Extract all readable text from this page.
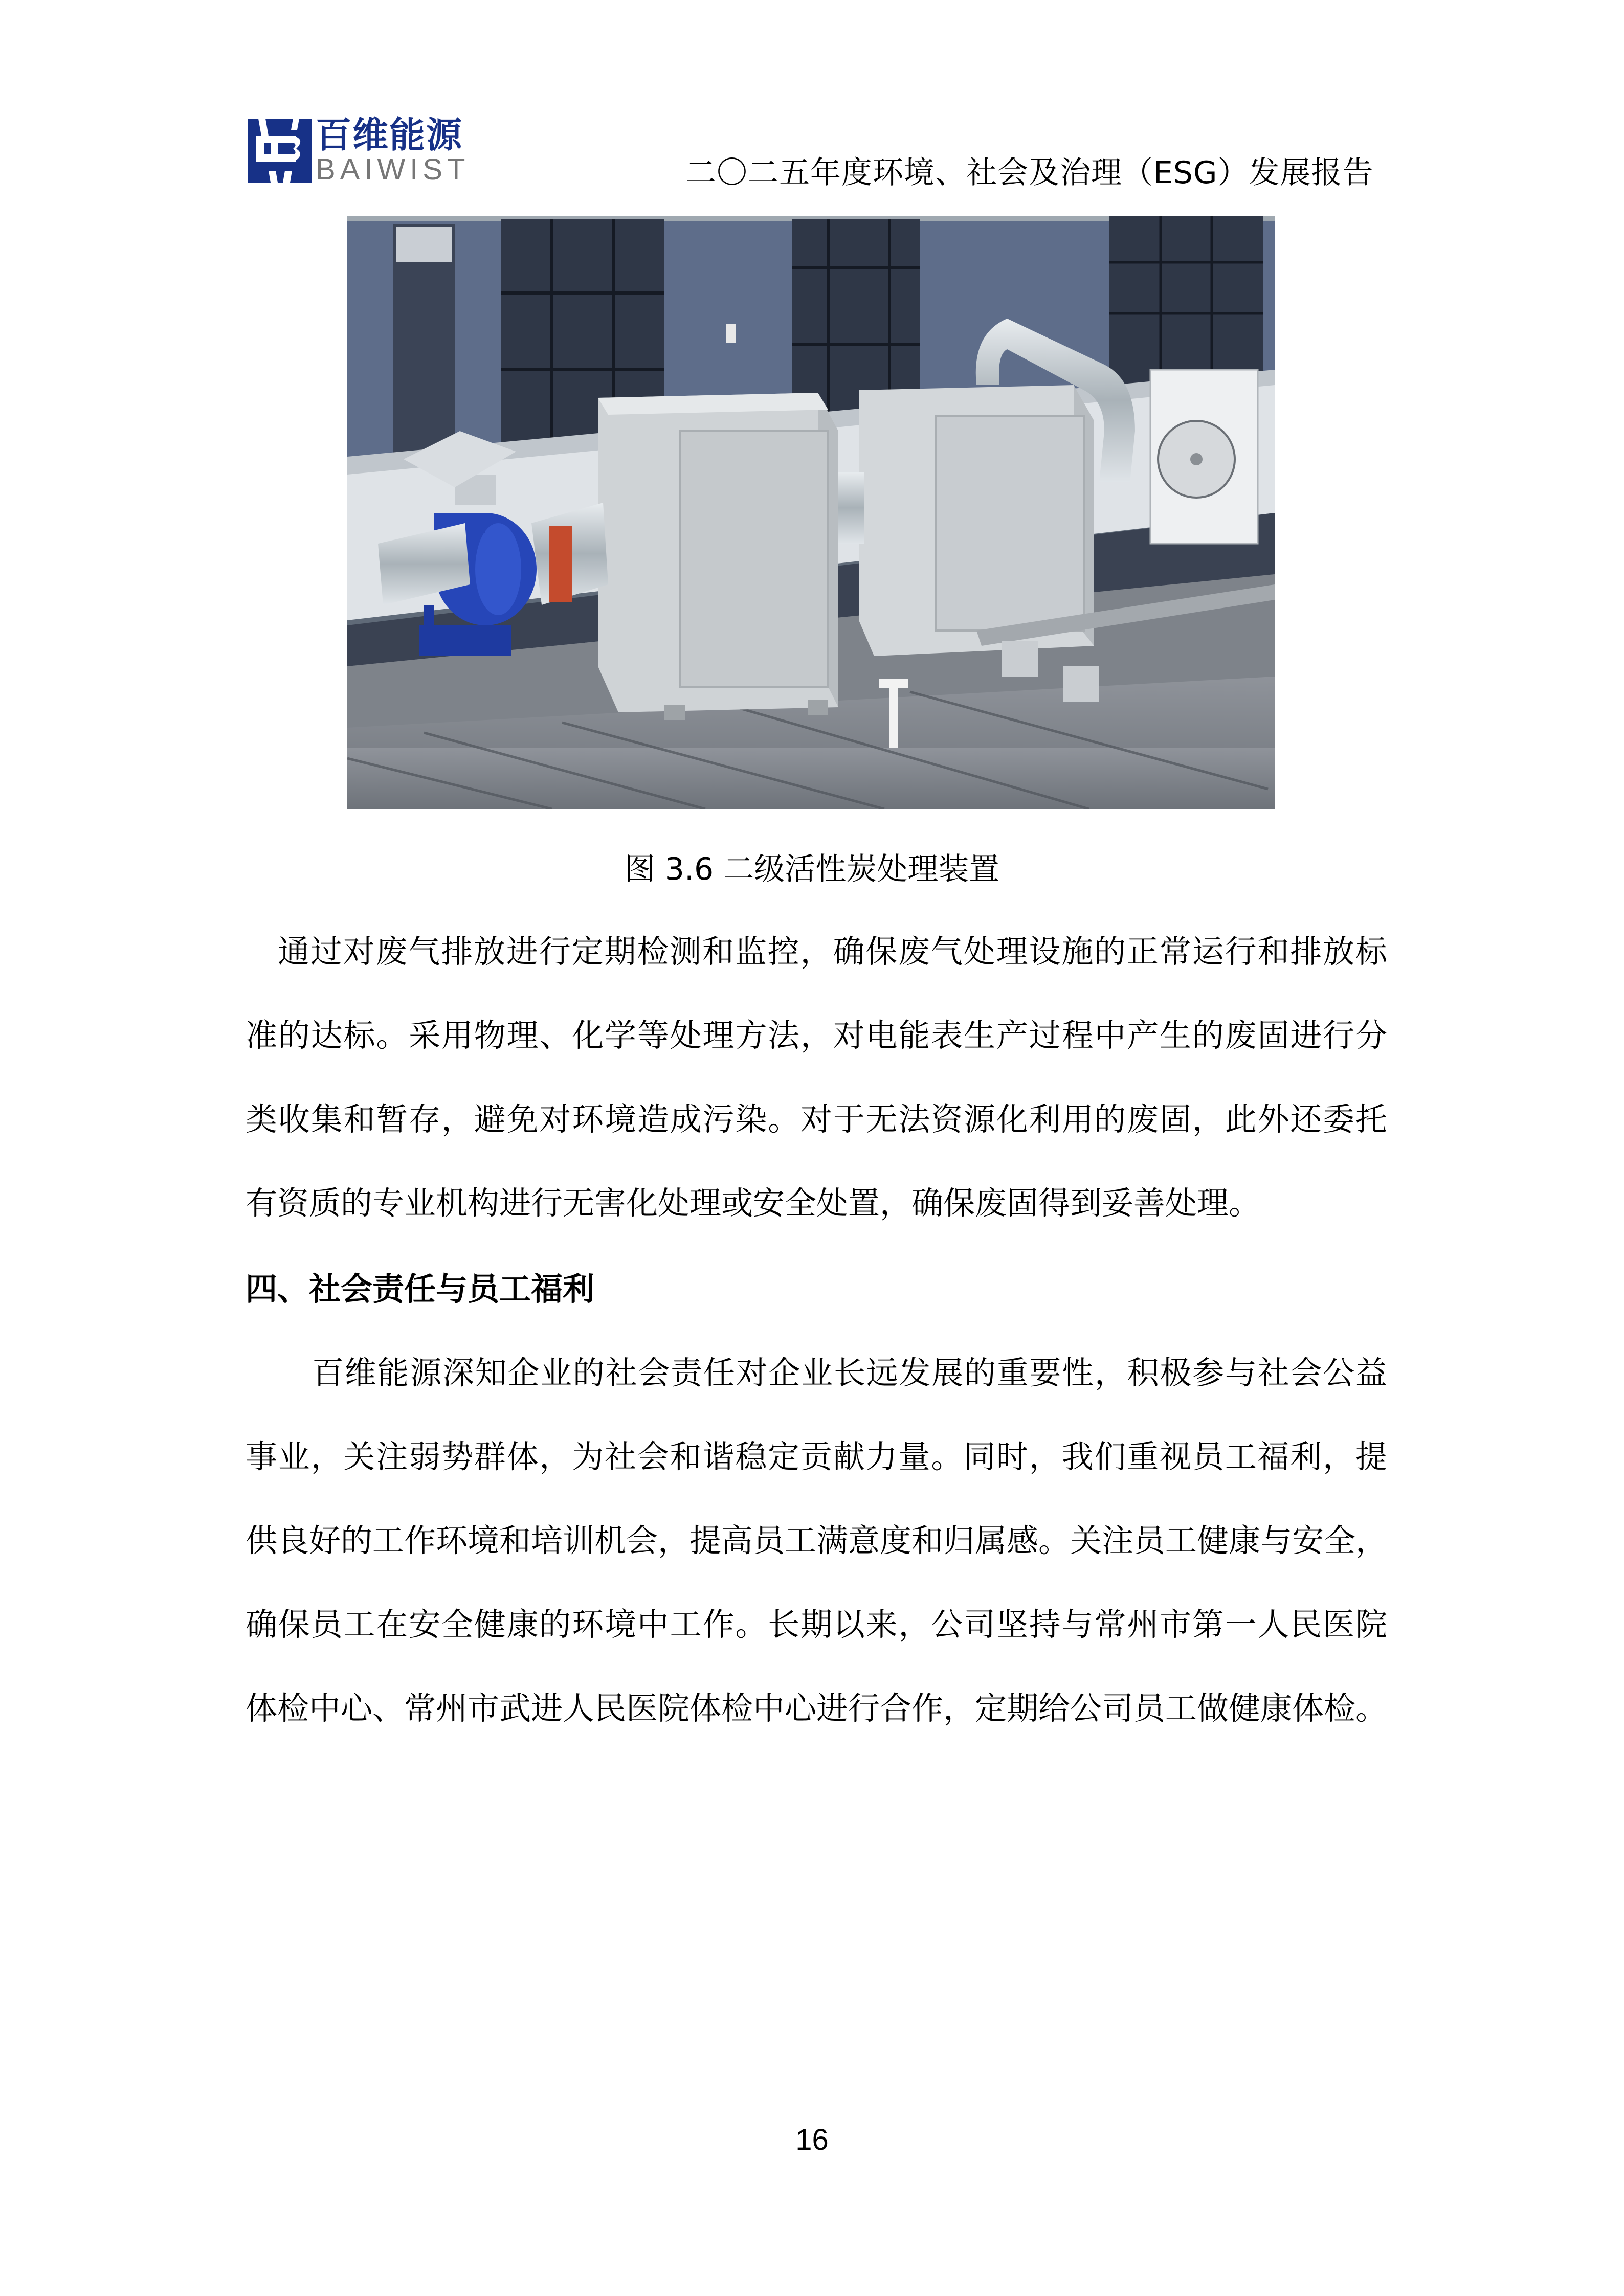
百维能源
BAIWIST	二〇二五年度环境、社会及治理（ESG）发展报告
图 3.6 二级活性炭处理装置
通过对废气排放进行定期检测和监控，确保废气处理设施的正常运行和排放标
准的达标。采用物理、化学等处理方法，对电能表生产过程中产生的废固进行分
类收集和暂存，避免对环境造成污染。对于无法资源化利用的废固，此外还委托
有资质的专业机构进行无害化处理或安全处置，确保废固得到妥善处理。
四、社会责任与员工福利
百维能源深知企业的社会责任对企业长远发展的重要性，积极参与社会公益
事业，关注弱势群体，为社会和谐稳定贡献力量。同时，我们重视员工福利，提
供良好的工作环境和培训机会，提高员工满意度和归属感。关注员工健康与安全，
确保员工在安全健康的环境中工作。长期以来，公司坚持与常州市第一人民医院
体检中心、常州市武进人民医院体检中心进行合作，定期给公司员工做健康体检。
16
